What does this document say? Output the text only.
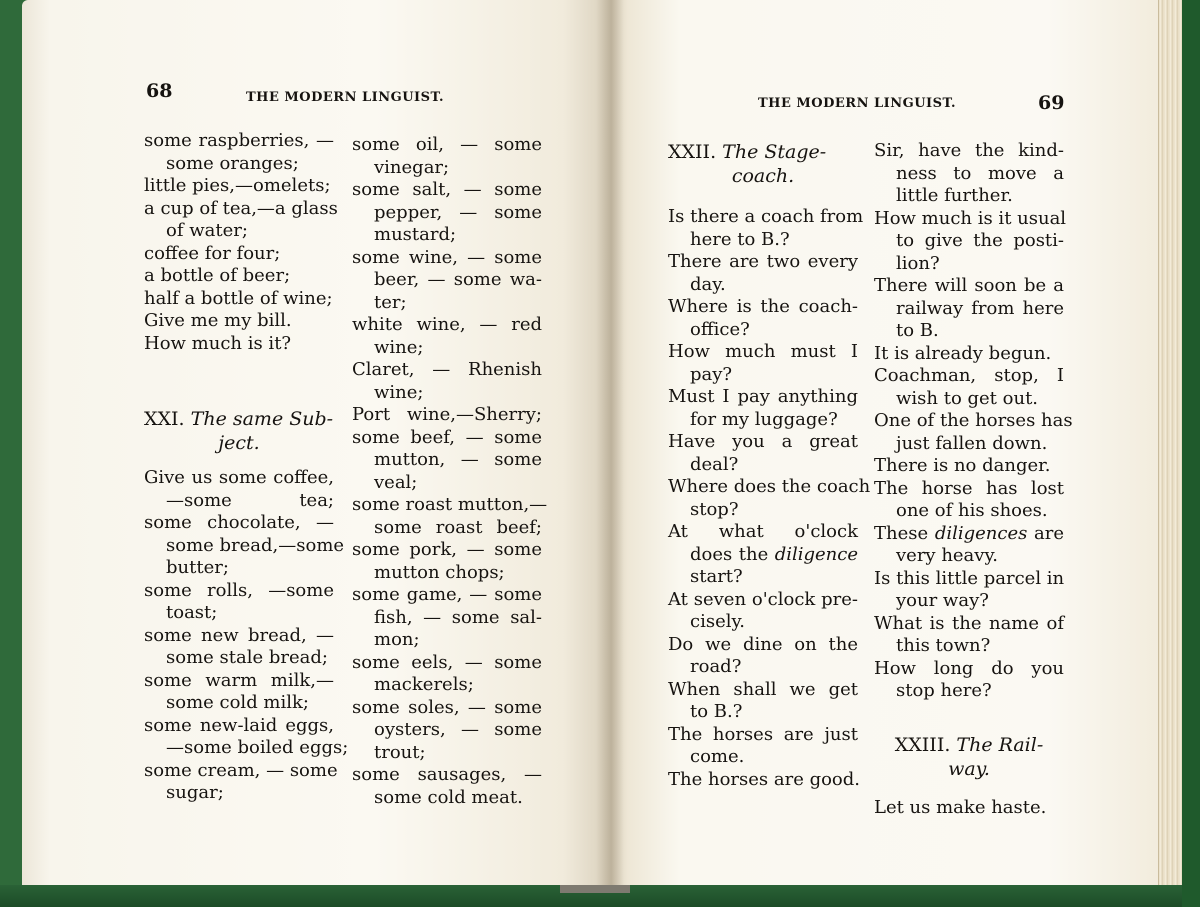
68	THE MODERN LINGUIST.
some raspberries, —
some oranges;
little pies,—omelets;
a cup of tea,—a glass
of water;
coffee for four;
a bottle of beer;
half a bottle of wine;
Give me my bill.
How much is it?
XXI. The same Sub-
ject.
Give us some coffee,
—some tea;
some chocolate, —
some bread,—some
butter;
some rolls, —some
toast;
some new bread, —
some stale bread;
some warm milk,—
some cold milk;
some new-laid eggs,
—some boiled eggs;
some cream, — some
sugar;
some oil, — some
vinegar;
some salt, — some
pepper, — some
mustard;
some wine, — some
beer, — some wa-
ter;
white wine, — red
wine;
Claret, — Rhenish
wine;
Port wine,—Sherry;
some beef, — some
mutton, — some
veal;
some roast mutton,—
some roast beef;
some pork, — some
mutton chops;
some game, — some
fish, — some sal-
mon;
some eels, — some
mackerels;
some soles, — some
oysters, — some
trout;
some sausages, —
some cold meat.
THE MODERN LINGUIST.	69
XXII. The Stage-
coach.
Is there a coach from
here to B.?
There are two every
day.
Where is the coach-
office?
How much must I
pay?
Must I pay anything
for my luggage?
Have you a great
deal?
Where does the coach
stop?
At what o'clock
does the diligence
start?
At seven o'clock pre-
cisely.
Do we dine on the
road?
When shall we get
to B.?
The horses are just
come.
The horses are good.
Sir, have the kind-
ness to move a
little further.
How much is it usual
to give the posti-
lion?
There will soon be a
railway from here
to B.
It is already begun.
Coachman, stop, I
wish to get out.
One of the horses has
just fallen down.
There is no danger.
The horse has lost
one of his shoes.
These diligences are
very heavy.
Is this little parcel in
your way?
What is the name of
this town?
How long do you
stop here?
XXIII. The Rail-
way.
Let us make haste.
